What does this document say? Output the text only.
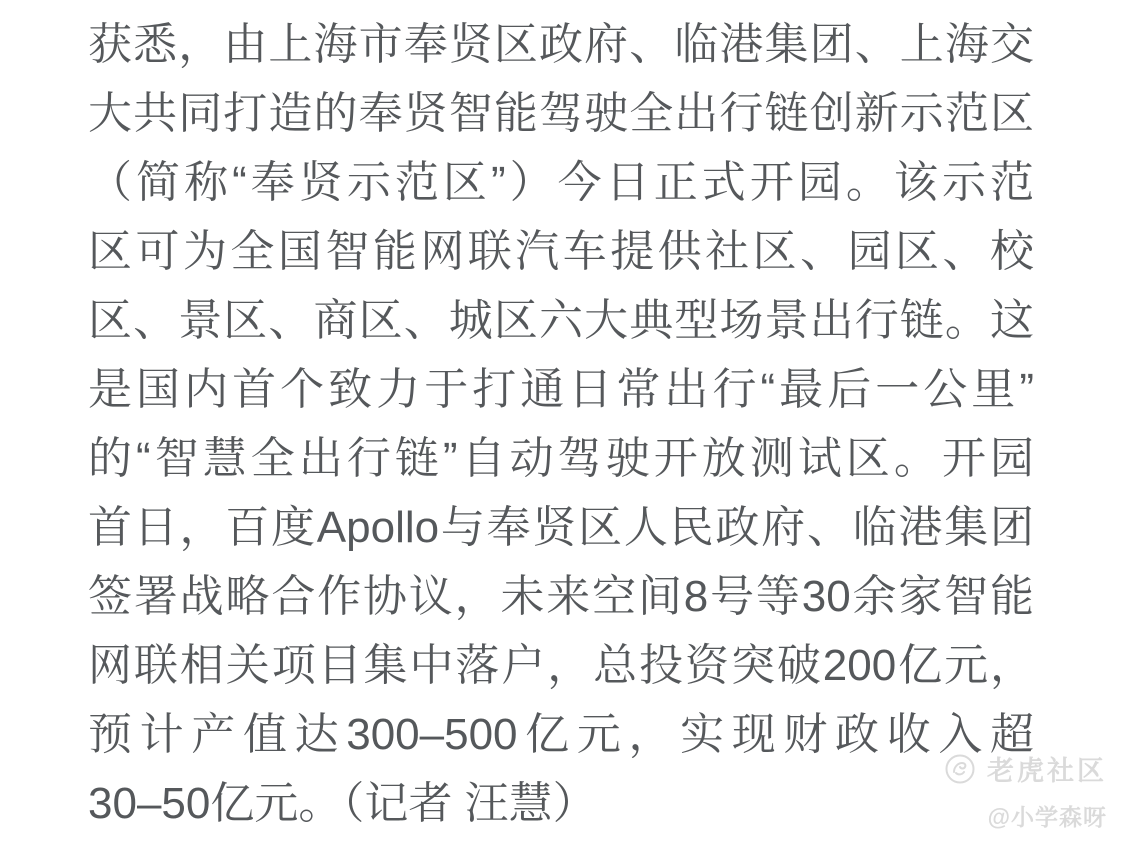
获悉，由上海市奉贤区政府、临港集团、上海交
大共同打造的奉贤智能驾驶全出行链创新示范区
（简称“奉贤示范区”）今日正式开园。该示范
区可为全国智能网联汽车提供社区、园区、校
区、景区、商区、城区六大典型场景出行链。这
是国内首个致力于打通日常出行“最后一公里”
的“智慧全出行链”自动驾驶开放测试区。开园
首日，百度Apollo与奉贤区人民政府、临港集团
签署战略合作协议，未来空间8号等30余家智能
网联相关项目集中落户，总投资突破200亿元，
预计产值达300–500亿元，实现财政收入超
30–50亿元。（记者 汪慧）
老虎社区
@小学森呀
